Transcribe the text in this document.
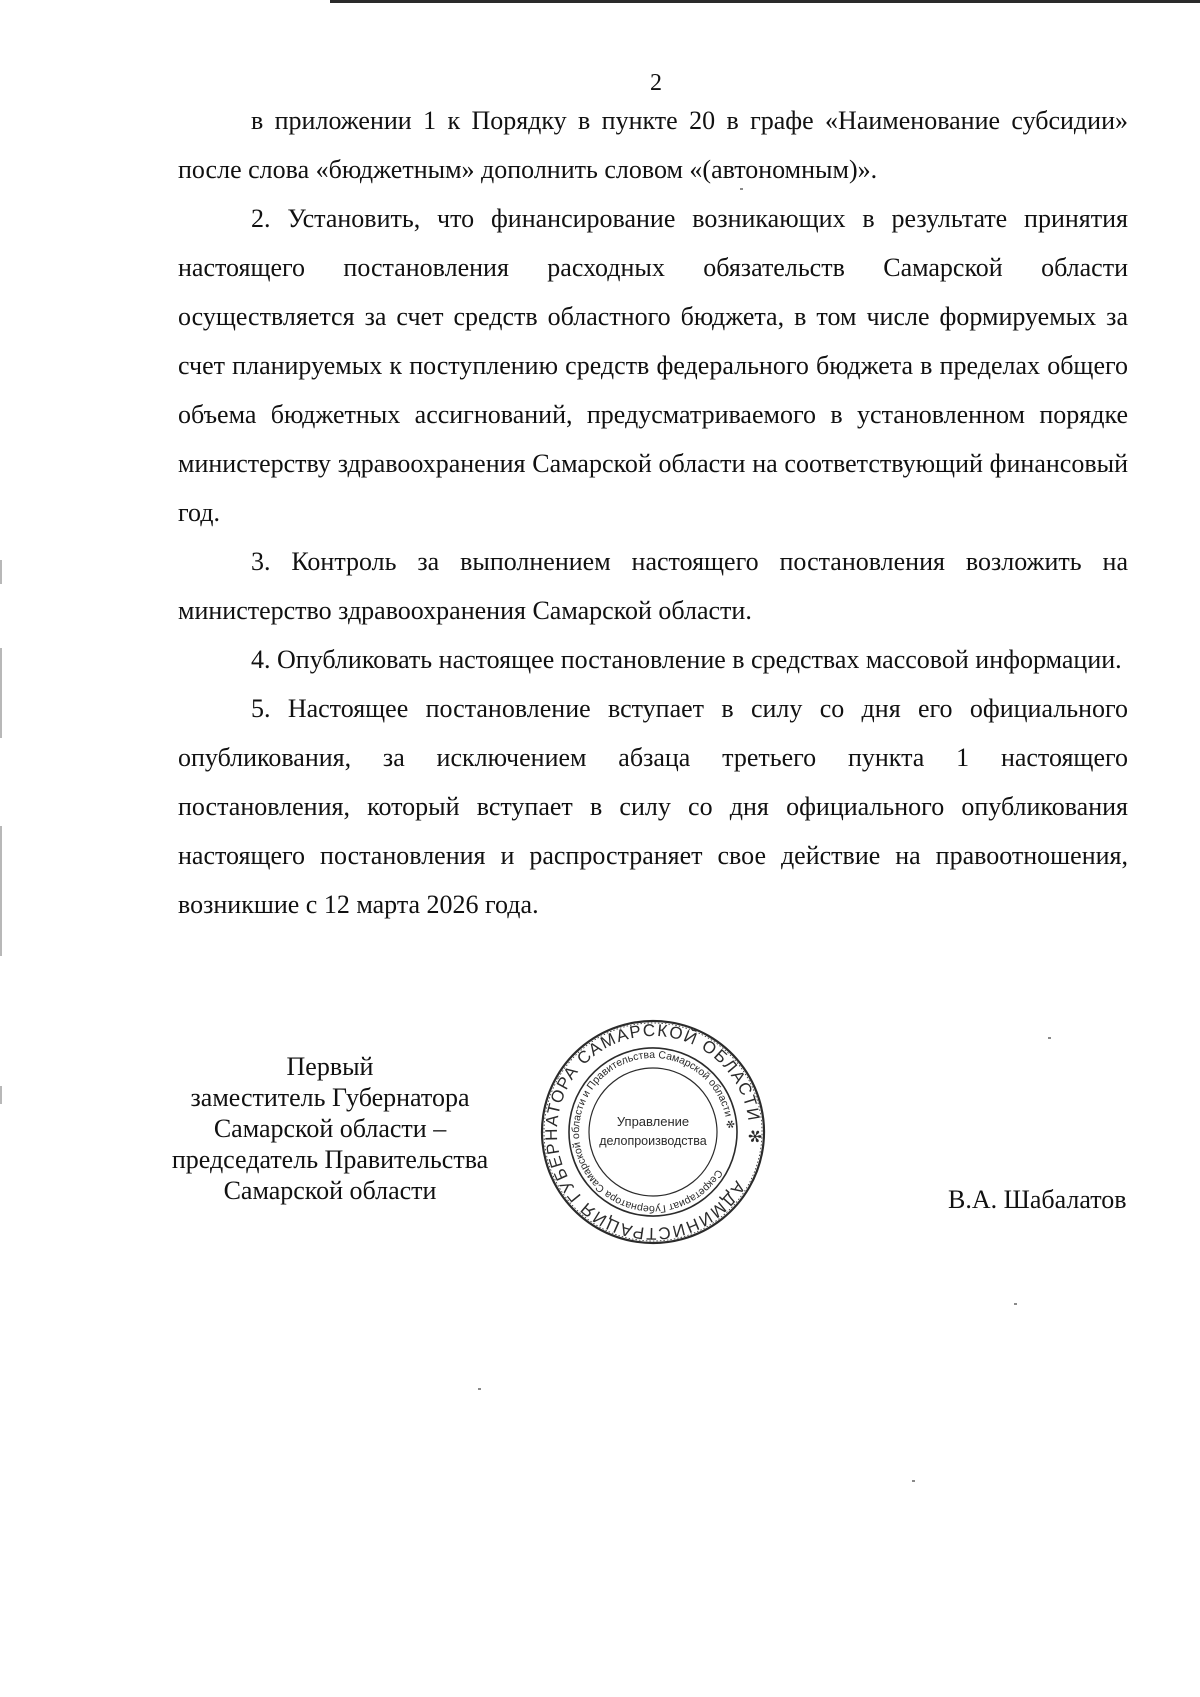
2

в приложении 1 к Порядку в пункте 20 в графе «Наименование субсидии» после слова «бюджетным» дополнить словом «(автономным)».

2. Установить, что финансирование возникающих в результате принятия настоящего постановления расходных обязательств Самарской области осуществляется за счет средств областного бюджета, в том числе формируемых за счет планируемых к поступлению средств федерального бюджета в пределах общего объема бюджетных ассигнований, предусматриваемого в установленном порядке министерству здравоохранения Самарской области на соответствующий финансовый год.

3. Контроль за выполнением настоящего постановления возложить на министерство здравоохранения Самарской области.

4. Опубликовать настоящее постановление в средствах массовой информации.

5. Настоящее постановление вступает в силу со дня его официального опубликования, за исключением абзаца третьего пункта 1 настоящего постановления, который вступает в силу со дня официального опубликования настоящего постановления и распространяет свое действие на правоотношения, возникшие с 12 марта 2026 года.

Первый
заместитель Губернатора
Самарской области –
председатель Правительства
Самарской области	АДМИНИСТРАЦИЯ ГУБЕРНАТОРА САМАРСКОЙ ОБЛАСТИ ✻
Секретариат Губернатора Самарской области и Правительства Самарской области ✻
Управление
делопроизводства
В.А. Шабалатов
